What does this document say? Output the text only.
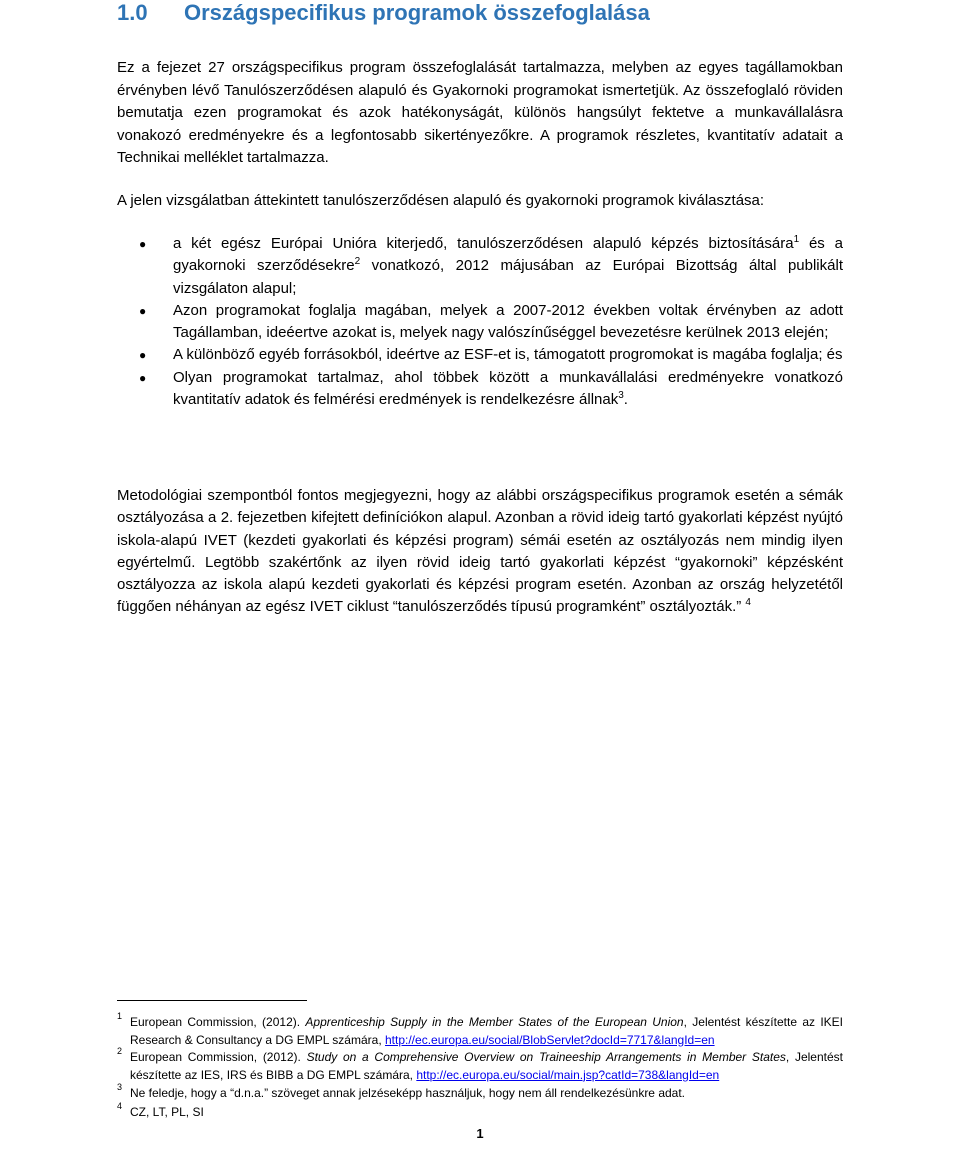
1.0 Országspecifikus programok összefoglalása
Ez a fejezet 27 országspecifikus program összefoglalását tartalmazza, melyben az egyes tagállamokban érvényben lévő Tanulószerződésen alapuló és Gyakornoki programokat ismertetjük. Az összefoglaló röviden bemutatja ezen programokat és azok hatékonyságát, különös hangsúlyt fektetve a munkavállalásra vonakozó eredményekre és a legfontosabb sikertényezőkre. A programok részletes, kvantitatív adatait a Technikai melléklet tartalmazza.
A jelen vizsgálatban áttekintett tanulószerződésen alapuló és gyakornoki programok kiválasztása:
● a két egész Európai Unióra kiterjedő, tanulószerződésen alapuló képzés biztosítására$^1$ és a gyakornoki szerződésekre$^2$ vonatkozó, 2012 májusában az Európai Bizottság által publikált vizsgálaton alapul;
● Azon programokat foglalja magában, melyek a 2007-2012 években voltak érvényben az adott Tagállamban, ideéertve azokat is, melyek nagy valószínűséggel bevezetésre kerülnek 2013 elején;
● A különböző egyéb forrásokból, ideértve az ESF-et is, támogatott progromokat is magába foglalja; és
● Olyan programokat tartalmaz, ahol többek között a munkavállalási eredményekre vonatkozó kvantitatív adatok és felmérési eredmények is rendelkezésre állnak$^3$.
Metodológiai szempontból fontos megjegyezni, hogy az alábbi országspecifikus programok esetén a sémák osztályozása a 2. fejezetben kifejtett definíciókon alapul. Azonban a rövid ideig tartó gyakorlati képzést nyújtó iskola-alapú IVET (kezdeti gyakorlati és képzési program) sémái esetén az osztályozás nem mindig ilyen egyértelmű. Legtöbb szakértőnk az ilyen rövid ideig tartó gyakorlati képzést “gyakornoki” képzésként osztályozza az iskola alapú kezdeti gyakorlati és képzési program esetén. Azonban az ország helyzetétől függően néhányan az egész IVET ciklust “tanulószerződés típusú programként” osztályozták.” $^4$
1 European Commission, (2012). Apprenticeship Supply in the Member States of the European Union, Jelentést készítette az IKEI Research & Consultancy a DG EMPL számára, http://ec.europa.eu/social/BlobServlet?docId=7717&langId=en
2 European Commission, (2012). Study on a Comprehensive Overview on Traineeship Arrangements in Member States, Jelentést készítette az IES, IRS és BIBB a DG EMPL számára, http://ec.europa.eu/social/main.jsp?catId=738&langId=en
3 Ne feledje, hogy a “d.n.a.” szöveget annak jelzéseképp használjuk, hogy nem áll rendelkezésünkre adat.
4 CZ, LT, PL, SI
1
